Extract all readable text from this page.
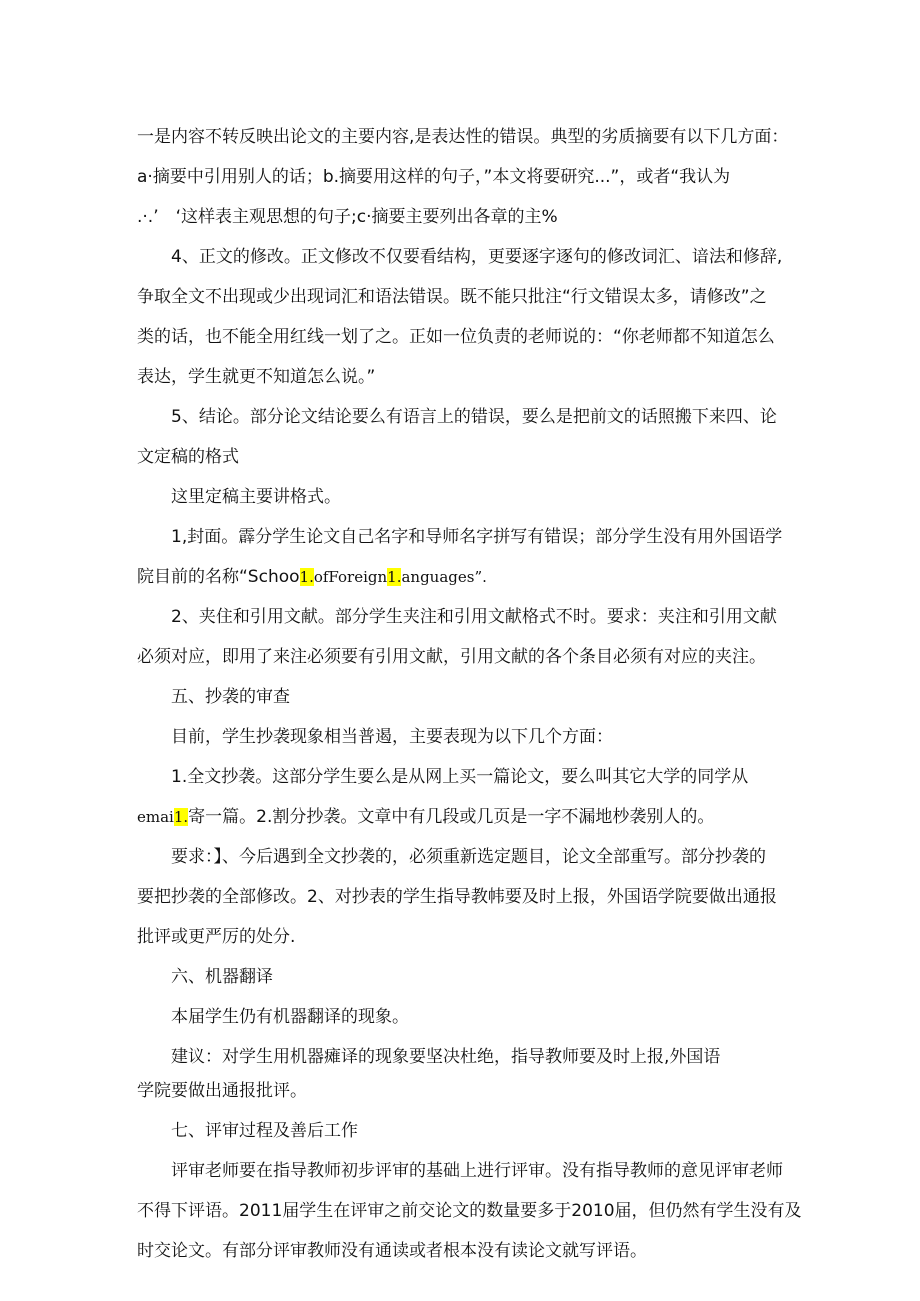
一是内容不转反映出论文的主要内容,是表达性的错误。典型的劣质摘要有以下几方面：
a·摘要中引用别人的话；b.摘要用这样的句子，”本文将要研究...”，或者“我认为
.·.’　‘这样表主观思想的句子;c·摘要主要列出各章的主%
4、正文的修改。正文修改不仅要看结构，更要逐字逐句的修改词汇、谙法和修辞,
争取全文不出现或少出现词汇和语法错误。既不能只批注“行文错误太多，请修改”之
类的话，也不能全用红线一划了之。正如一位负责的老师说的：“你老师都不知道怎么
表达，学生就更不知道怎么说。”
5、结论。部分论文结论要么有语言上的错误，要么是把前文的话照搬下来四、论
文定稿的格式
这里定稿主要讲格式。
1,封面。霹分学生论文自己名字和导师名字拼写有错误；部分学生没有用外国语学
院目前的名称“Schoo1.ofForeign1.anguages”.
2、夹住和引用文献。部分学生夹注和引用文献格式不时。要求：夹注和引用文献
必须对应，即用了来注必须要有引用文献，引用文献的各个条目必须有对应的夹注。
五、抄袭的审查
目前，学生抄袭现象相当普遏，主要表现为以下几个方面：
1.全文抄袭。这部分学生要么是从网上买一篇论文，要么叫其它大学的同学从
emai1.寄一篇。2.割分抄袭。文章中有几段或几页是一字不漏地杪袭别人的。
要求：】、今后遇到全文抄袭的，必须重新选定题目，论文全部重写。部分抄袭的
要把抄袭的全部修改。2、对抄表的学生指导教帏要及时上报，外国语学院要做出通报
批评或更严厉的处分.
六、机器翻译
本届学生仍有机器翻译的现象。
建议：对学生用机器瘫译的现象要坚决杜绝，指导教师要及时上报,外国语
学院要做出通报批评。
七、评审过程及善后工作
评审老师要在指导教师初步评审的基础上进行评审。没有指导教师的意见评审老师
不得下评语。2011届学生在评审之前交论文的数量要多于2010届，但仍然有学生没有及
时交论文。有部分评审教师没有通读或者根本没有读论文就写评语。
